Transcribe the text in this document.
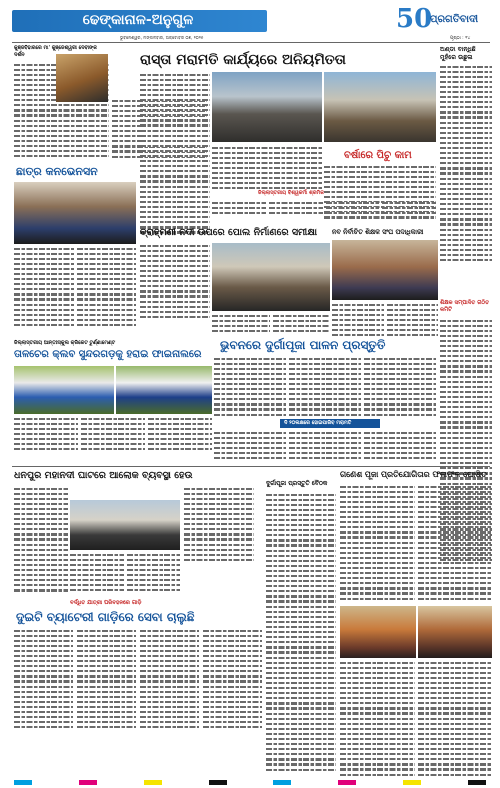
ଢେଙ୍କାନାଳ-ଅନୁଗୁଳ
ଭୁବନେଶ୍ୱର, ମଙ୍ଗଳବାର, ଅକ୍ଟୋବର ୦୭, ୨୦୨୫
50
ପ୍ରଗତିବାଦୀ
ପୃଷ୍ଠା : ୧୪
କୁଞ୍ଜବିହାରରେ ମା' କୁଞ୍ଜେଶ୍ୱରୀ ଦେବୀଙ୍କ ଦର୍ଶନ	ରାସ୍ତା ମରାମତି କାର୍ଯ୍ୟରେ ଅନିୟମିତତା
ବର୍ଷାରେ ପିଚୁ କାମ
ଅଣ୍ଡା ବାନ୍ଧିଛି ମୁହଁରେ ଉଛୁଳା
ଛାତ୍ର କନଭେନସନ
ଜିଲ୍ଲାସ୍ତରୀୟ ବିଶ୍ୱକର୍ମା ଶ୍ରମିକ
ବ୍ରାହ୍ମଣୀ ନଦୀ ଉପରେ ପୋଲ ନିର୍ମାଣରେ ସମୀକ୍ଷା	ନବ ନିର୍ବାଚିତ ଶିକ୍ଷକ ସଂଘ ପଦାଧିକାରୀ
ଶିକ୍ଷକ ସମ୍ପାଦିତ ଗଠିତ କମିଟି
ଜିଲ୍ଲାସ୍ତରୀୟ ଆନ୍ତଃସ୍କୁଲ କ୍ରିକେଟ ଟୁର୍ଣ୍ଣାମେଣ୍ଟ
ତାଳଚେର କ୍ଲବ ସୁନ୍ଦରଗଡ଼କୁ ହରାଇ ଫାଇନାଲରେ
ଭୁବନରେ ଦୁର୍ଗାପୂଜା ପାଳନ ପ୍ରସ୍ତୁତି
ଦି ୨୦ଲକ୍ଷରେ ହୋଇପାରିବ ମରାମତି
ଧନପୁର ମହାନଦୀ ଘାଟରେ ଆଲୋକ ବ୍ୟବସ୍ଥା ହେଉ
ବର୍ଦ୍ଧିତ ଯାତ୍ରୀ ପରିବହନରେ ଗାଡ଼ି
ଦୁଇଟି ବ୍ୟାଟେରୀ ଗାଡ଼ିରେ ସେବା ଚାଲୁଛି
ଦୁର୍ଗାପୂଜା ପ୍ରସ୍ତୁତି ବୈଠକ
ଗଣେଶ ପୂଜା ପ୍ରତିଯୋଗିତାର ଫଳାଫଳ ଘୋଷିତ
